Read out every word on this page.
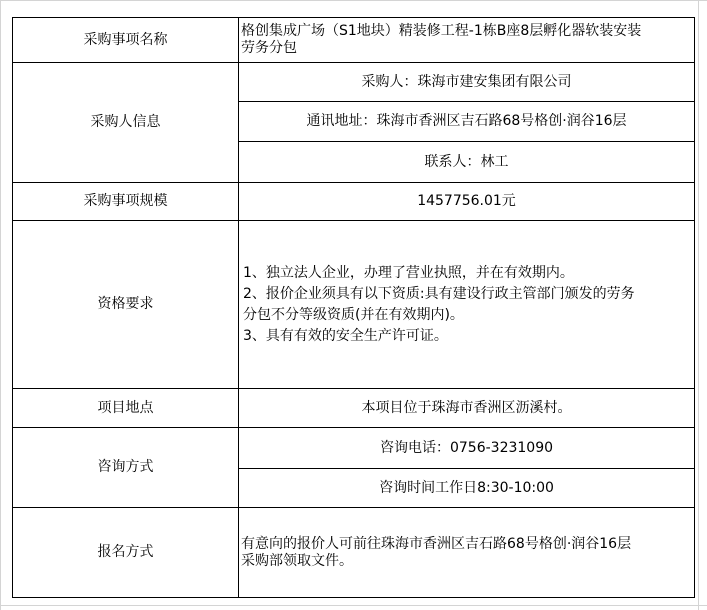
采购事项名称
格创集成广场（S1地块）精装修工程-1栋B座8层孵化器软装安装
劳务分包
采购人信息
采购人：珠海市建安集团有限公司
通讯地址：珠海市香洲区吉石路68号格创·润谷16层
联系人：林工
采购事项规模	1457756.01元
资格要求
1、独立法人企业，办理了营业执照，并在有效期内。
2、报价企业须具有以下资质:具有建设行政主管部门颁发的劳务
分包不分等级资质(并在有效期内)。
3、具有有效的安全生产许可证。
项目地点	本项目位于珠海市香洲区沥溪村。
咨询方式
咨询电话：0756-3231090
咨询时间工作日8:30-10:00
报名方式
有意向的报价人可前往珠海市香洲区吉石路68号格创·润谷16层
采购部领取文件。
